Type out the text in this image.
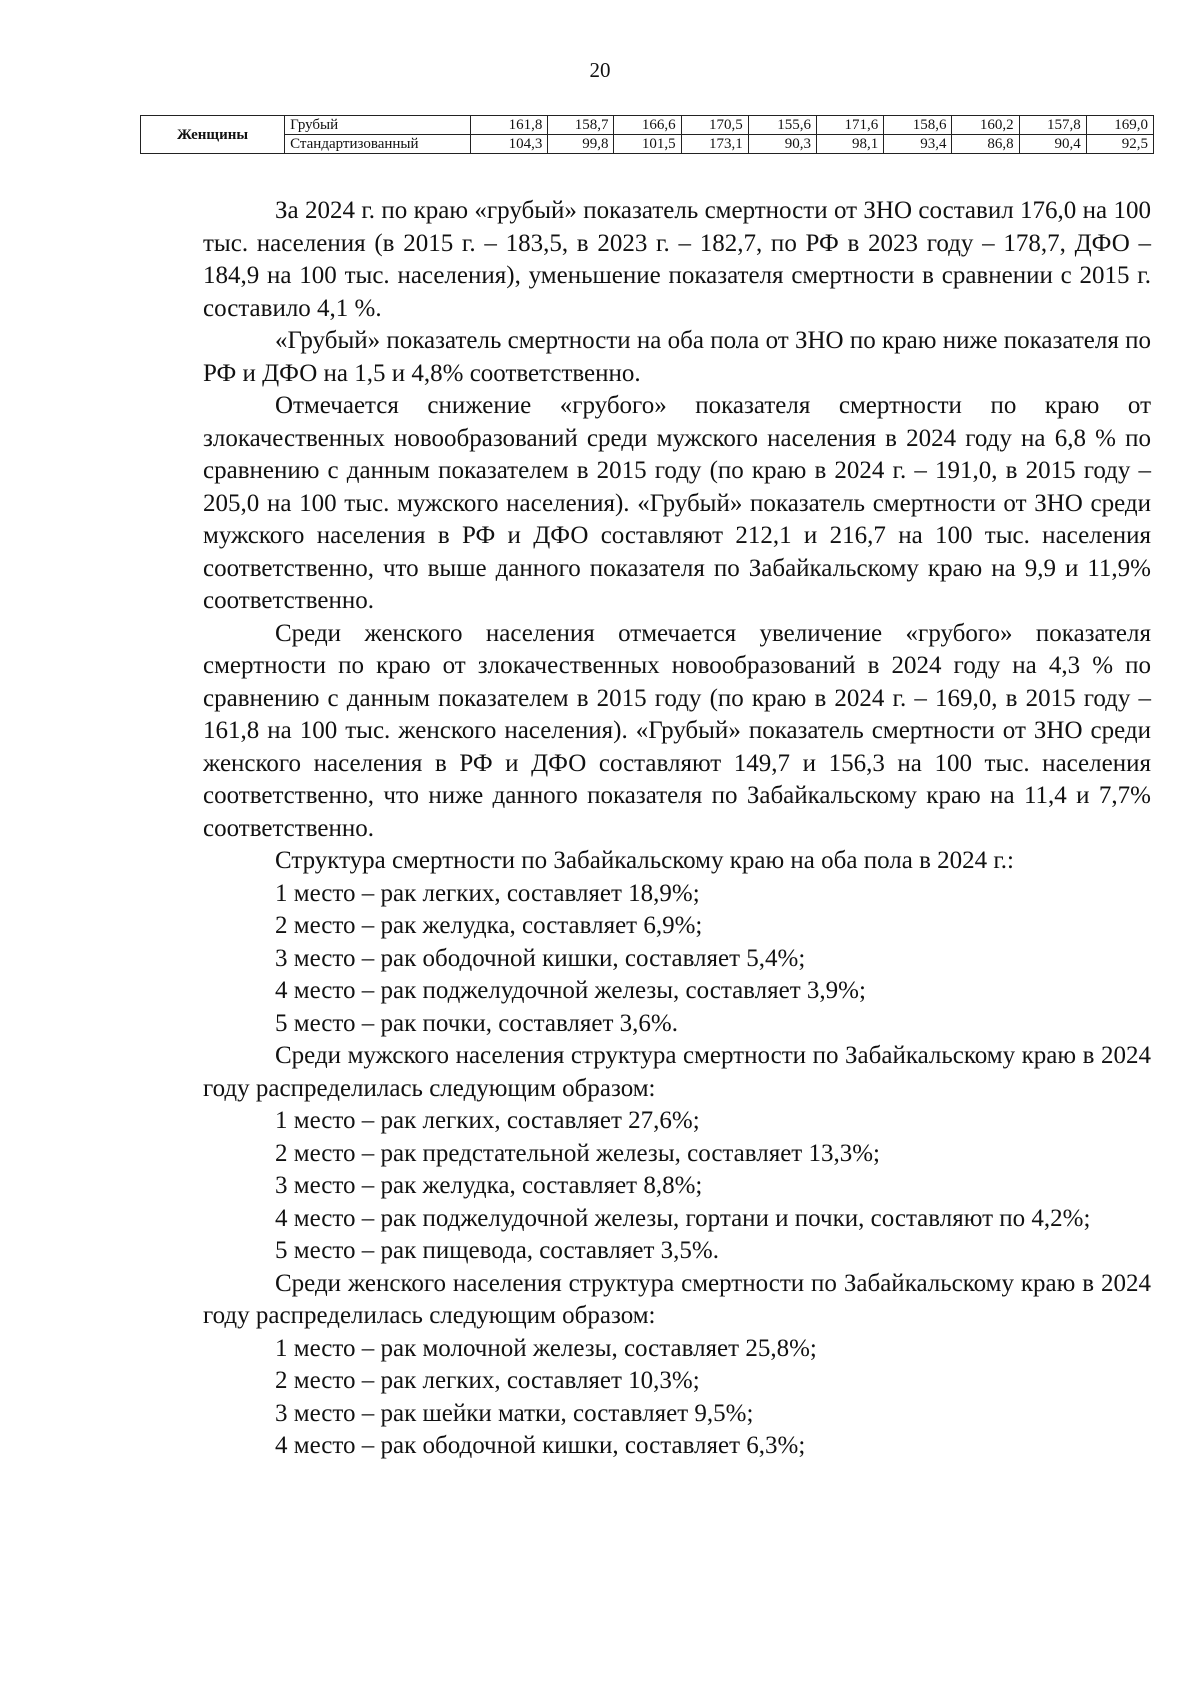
20
Женщины	Грубый	161,8	158,7	166,6	170,5	155,6	171,6	158,6	160,2	157,8	169,0
	Стандартизованный	104,3	99,8	101,5	173,1	90,3	98,1	93,4	86,8	90,4	92,5

За 2024 г. по краю «грубый» показатель смертности от ЗНО составил 176,0 на 100 тыс. населения (в 2015 г. – 183,5, в 2023 г. – 182,7, по РФ в 2023 году – 178,7, ДФО – 184,9 на 100 тыс. населения), уменьшение показателя смертности в сравнении с 2015 г. составило 4,1 %.

«Грубый» показатель смертности на оба пола от ЗНО по краю ниже показателя по РФ и ДФО на 1,5 и 4,8% соответственно.

Отмечается снижение «грубого» показателя смертности по краю от злокачественных новообразований среди мужского населения в 2024 году на 6,8 % по сравнению с данным показателем в 2015 году (по краю в 2024 г. – 191,0, в 2015 году – 205,0 на 100 тыс. мужского населения). «Грубый» показатель смертности от ЗНО среди мужского населения в РФ и ДФО составляют 212,1 и 216,7 на 100 тыс. населения соответственно, что выше данного показателя по Забайкальскому краю на 9,9 и 11,9% соответственно.

Среди женского населения отмечается увеличение «грубого» показателя смертности по краю от злокачественных новообразований в 2024 году на 4,3 % по сравнению с данным показателем в 2015 году (по краю в 2024 г. – 169,0, в 2015 году – 161,8 на 100 тыс. женского населения). «Грубый» показатель смертности от ЗНО среди женского населения в РФ и ДФО составляют 149,7 и 156,3 на 100 тыс. населения соответственно, что ниже данного показателя по Забайкальскому краю на 11,4 и 7,7% соответственно.

Структура смертности по Забайкальскому краю на оба пола в 2024 г.:

1 место – рак легких, составляет 18,9%;

2 место – рак желудка, составляет 6,9%;

3 место – рак ободочной кишки, составляет 5,4%;

4 место – рак поджелудочной железы, составляет 3,9%;

5 место – рак почки, составляет 3,6%.

Среди мужского населения структура смертности по Забайкальскому краю в 2024 году распределилась следующим образом:

1 место – рак легких, составляет 27,6%;

2 место – рак предстательной железы, составляет 13,3%;

3 место – рак желудка, составляет 8,8%;

4 место – рак поджелудочной железы, гортани и почки, составляют по 4,2%;

5 место – рак пищевода, составляет 3,5%.

Среди женского населения структура смертности по Забайкальскому краю в 2024 году распределилась следующим образом:

1 место – рак молочной железы, составляет 25,8%;

2 место – рак легких, составляет 10,3%;

3 место – рак шейки матки, составляет 9,5%;

4 место – рак ободочной кишки, составляет 6,3%;
